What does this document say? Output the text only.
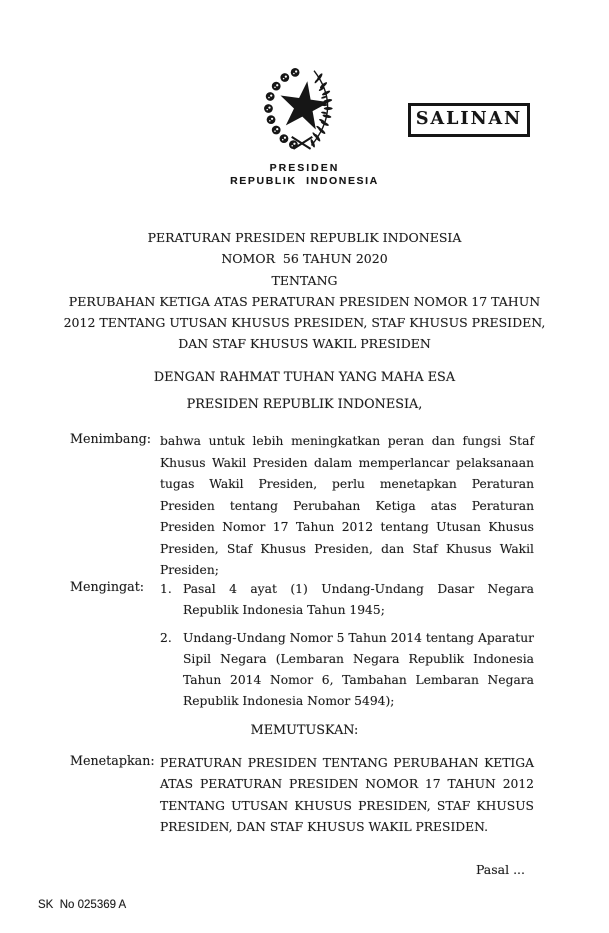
PRESIDEN
REPUBLIK INDONESIA
SALINAN
PERATURAN PRESIDEN REPUBLIK INDONESIA
NOMOR  56 TAHUN 2020
TENTANG
PERUBAHAN KETIGA ATAS PERATURAN PRESIDEN NOMOR 17 TAHUN
2012 TENTANG UTUSAN KHUSUS PRESIDEN, STAF KHUSUS PRESIDEN,
DAN STAF KHUSUS WAKIL PRESIDEN
DENGAN RAHMAT TUHAN YANG MAHA ESA
PRESIDEN REPUBLIK INDONESIA,
Menimbang: bahwa untuk lebih meningkatkan peran dan fungsi Staf Khusus Wakil Presiden dalam memperlancar pelaksanaan tugas Wakil Presiden, perlu menetapkan Peraturan Presiden tentang Perubahan Ketiga atas Peraturan Presiden Nomor 17 Tahun 2012 tentang Utusan Khusus Presiden, Staf Khusus Presiden, dan Staf Khusus Wakil Presiden;
Mengingat: 1. Pasal 4 ayat (1) Undang-Undang Dasar Negara Republik Indonesia Tahun 1945;
2. Undang-Undang Nomor 5 Tahun 2014 tentang Aparatur Sipil Negara (Lembaran Negara Republik Indonesia Tahun 2014 Nomor 6, Tambahan Lembaran Negara Republik Indonesia Nomor 5494);
MEMUTUSKAN:
Menetapkan: PERATURAN PRESIDEN TENTANG PERUBAHAN KETIGA ATAS PERATURAN PRESIDEN NOMOR 17 TAHUN 2012 TENTANG UTUSAN KHUSUS PRESIDEN, STAF KHUSUS PRESIDEN, DAN STAF KHUSUS WAKIL PRESIDEN.
Pasal ...
SK  No 025369 A
